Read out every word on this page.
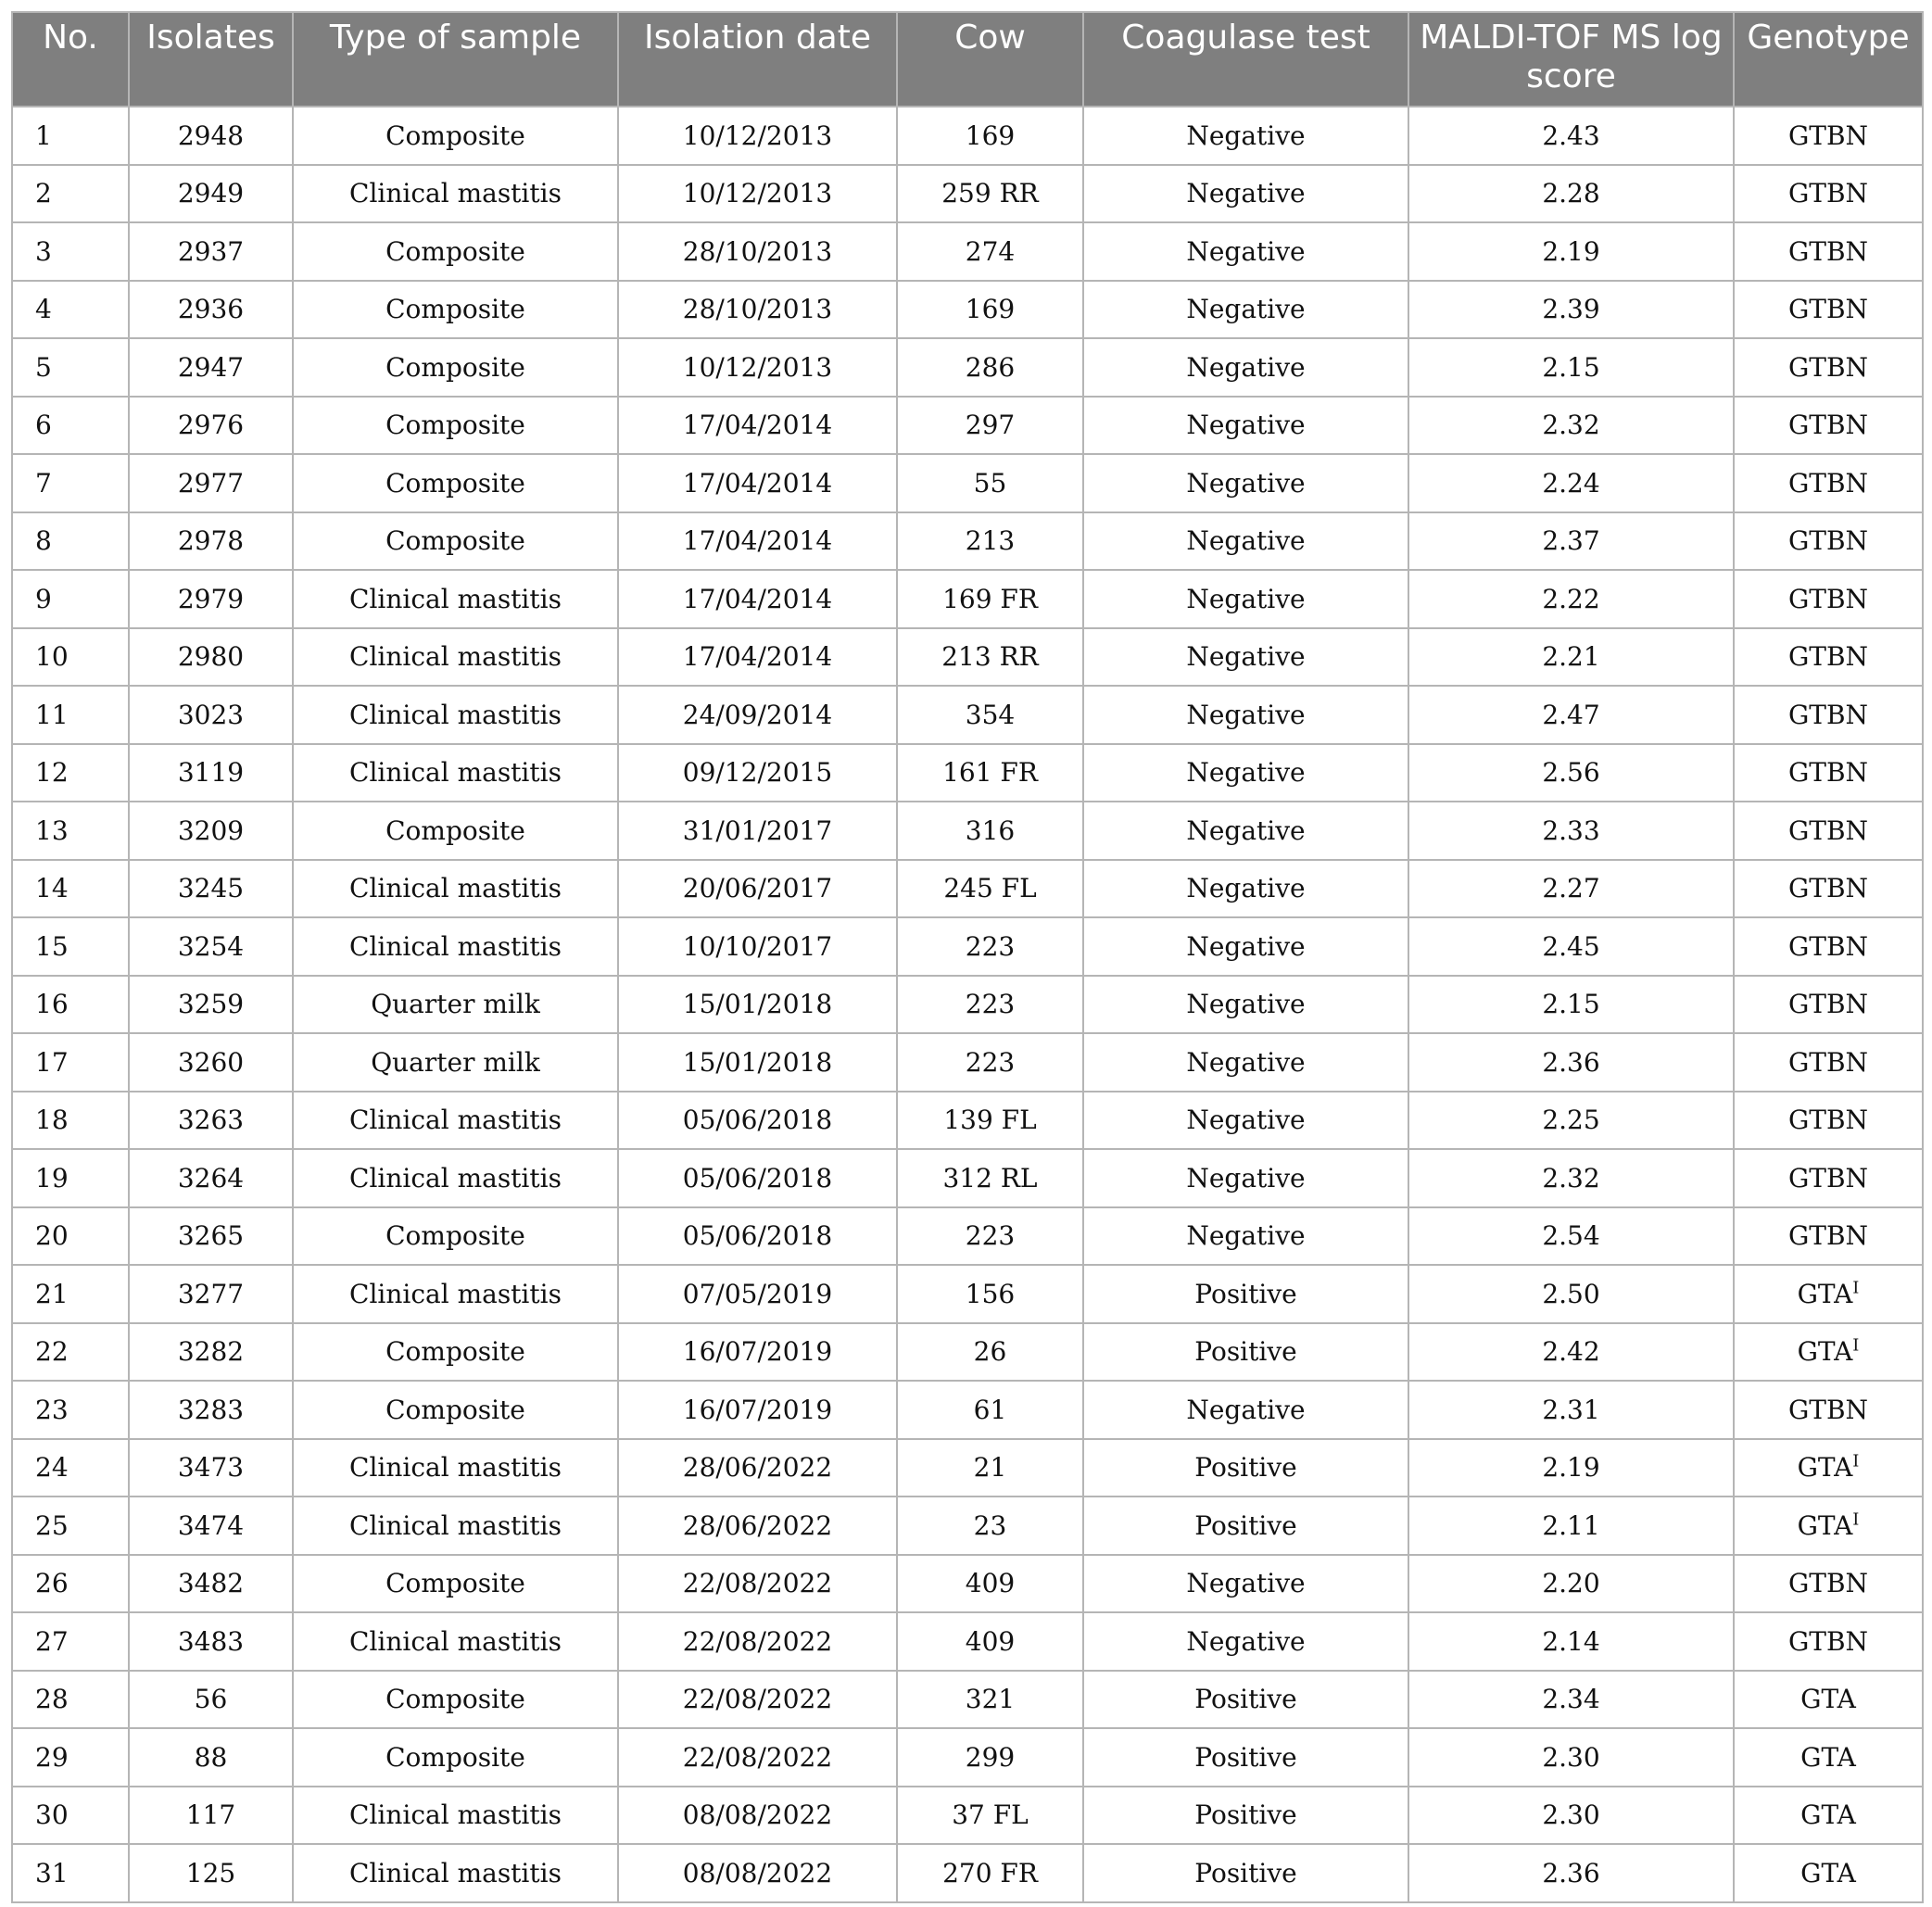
No.	Isolates	Type of sample	Isolation date	Cow	Coagulase test	MALDI-TOF MS log score	Genotype
1	2948	Composite	10/12/2013	169	Negative	2.43	GTBN
2	2949	Clinical mastitis	10/12/2013	259 RR	Negative	2.28	GTBN
3	2937	Composite	28/10/2013	274	Negative	2.19	GTBN
4	2936	Composite	28/10/2013	169	Negative	2.39	GTBN
5	2947	Composite	10/12/2013	286	Negative	2.15	GTBN
6	2976	Composite	17/04/2014	297	Negative	2.32	GTBN
7	2977	Composite	17/04/2014	55	Negative	2.24	GTBN
8	2978	Composite	17/04/2014	213	Negative	2.37	GTBN
9	2979	Clinical mastitis	17/04/2014	169 FR	Negative	2.22	GTBN
10	2980	Clinical mastitis	17/04/2014	213 RR	Negative	2.21	GTBN
11	3023	Clinical mastitis	24/09/2014	354	Negative	2.47	GTBN
12	3119	Clinical mastitis	09/12/2015	161 FR	Negative	2.56	GTBN
13	3209	Composite	31/01/2017	316	Negative	2.33	GTBN
14	3245	Clinical mastitis	20/06/2017	245 FL	Negative	2.27	GTBN
15	3254	Clinical mastitis	10/10/2017	223	Negative	2.45	GTBN
16	3259	Quarter milk	15/01/2018	223	Negative	2.15	GTBN
17	3260	Quarter milk	15/01/2018	223	Negative	2.36	GTBN
18	3263	Clinical mastitis	05/06/2018	139 FL	Negative	2.25	GTBN
19	3264	Clinical mastitis	05/06/2018	312 RL	Negative	2.32	GTBN
20	3265	Composite	05/06/2018	223	Negative	2.54	GTBN
21	3277	Clinical mastitis	07/05/2019	156	Positive	2.50	$GTA^I$
22	3282	Composite	16/07/2019	26	Positive	2.42	$GTA^I$
23	3283	Composite	16/07/2019	61	Negative	2.31	GTBN
24	3473	Clinical mastitis	28/06/2022	21	Positive	2.19	$GTA^I$
25	3474	Clinical mastitis	28/06/2022	23	Positive	2.11	$GTA^I$
26	3482	Composite	22/08/2022	409	Negative	2.20	GTBN
27	3483	Clinical mastitis	22/08/2022	409	Negative	2.14	GTBN
28	56	Composite	22/08/2022	321	Positive	2.34	GTA
29	88	Composite	22/08/2022	299	Positive	2.30	GTA
30	117	Clinical mastitis	08/08/2022	37 FL	Positive	2.30	GTA
31	125	Clinical mastitis	08/08/2022	270 FR	Positive	2.36	GTA
